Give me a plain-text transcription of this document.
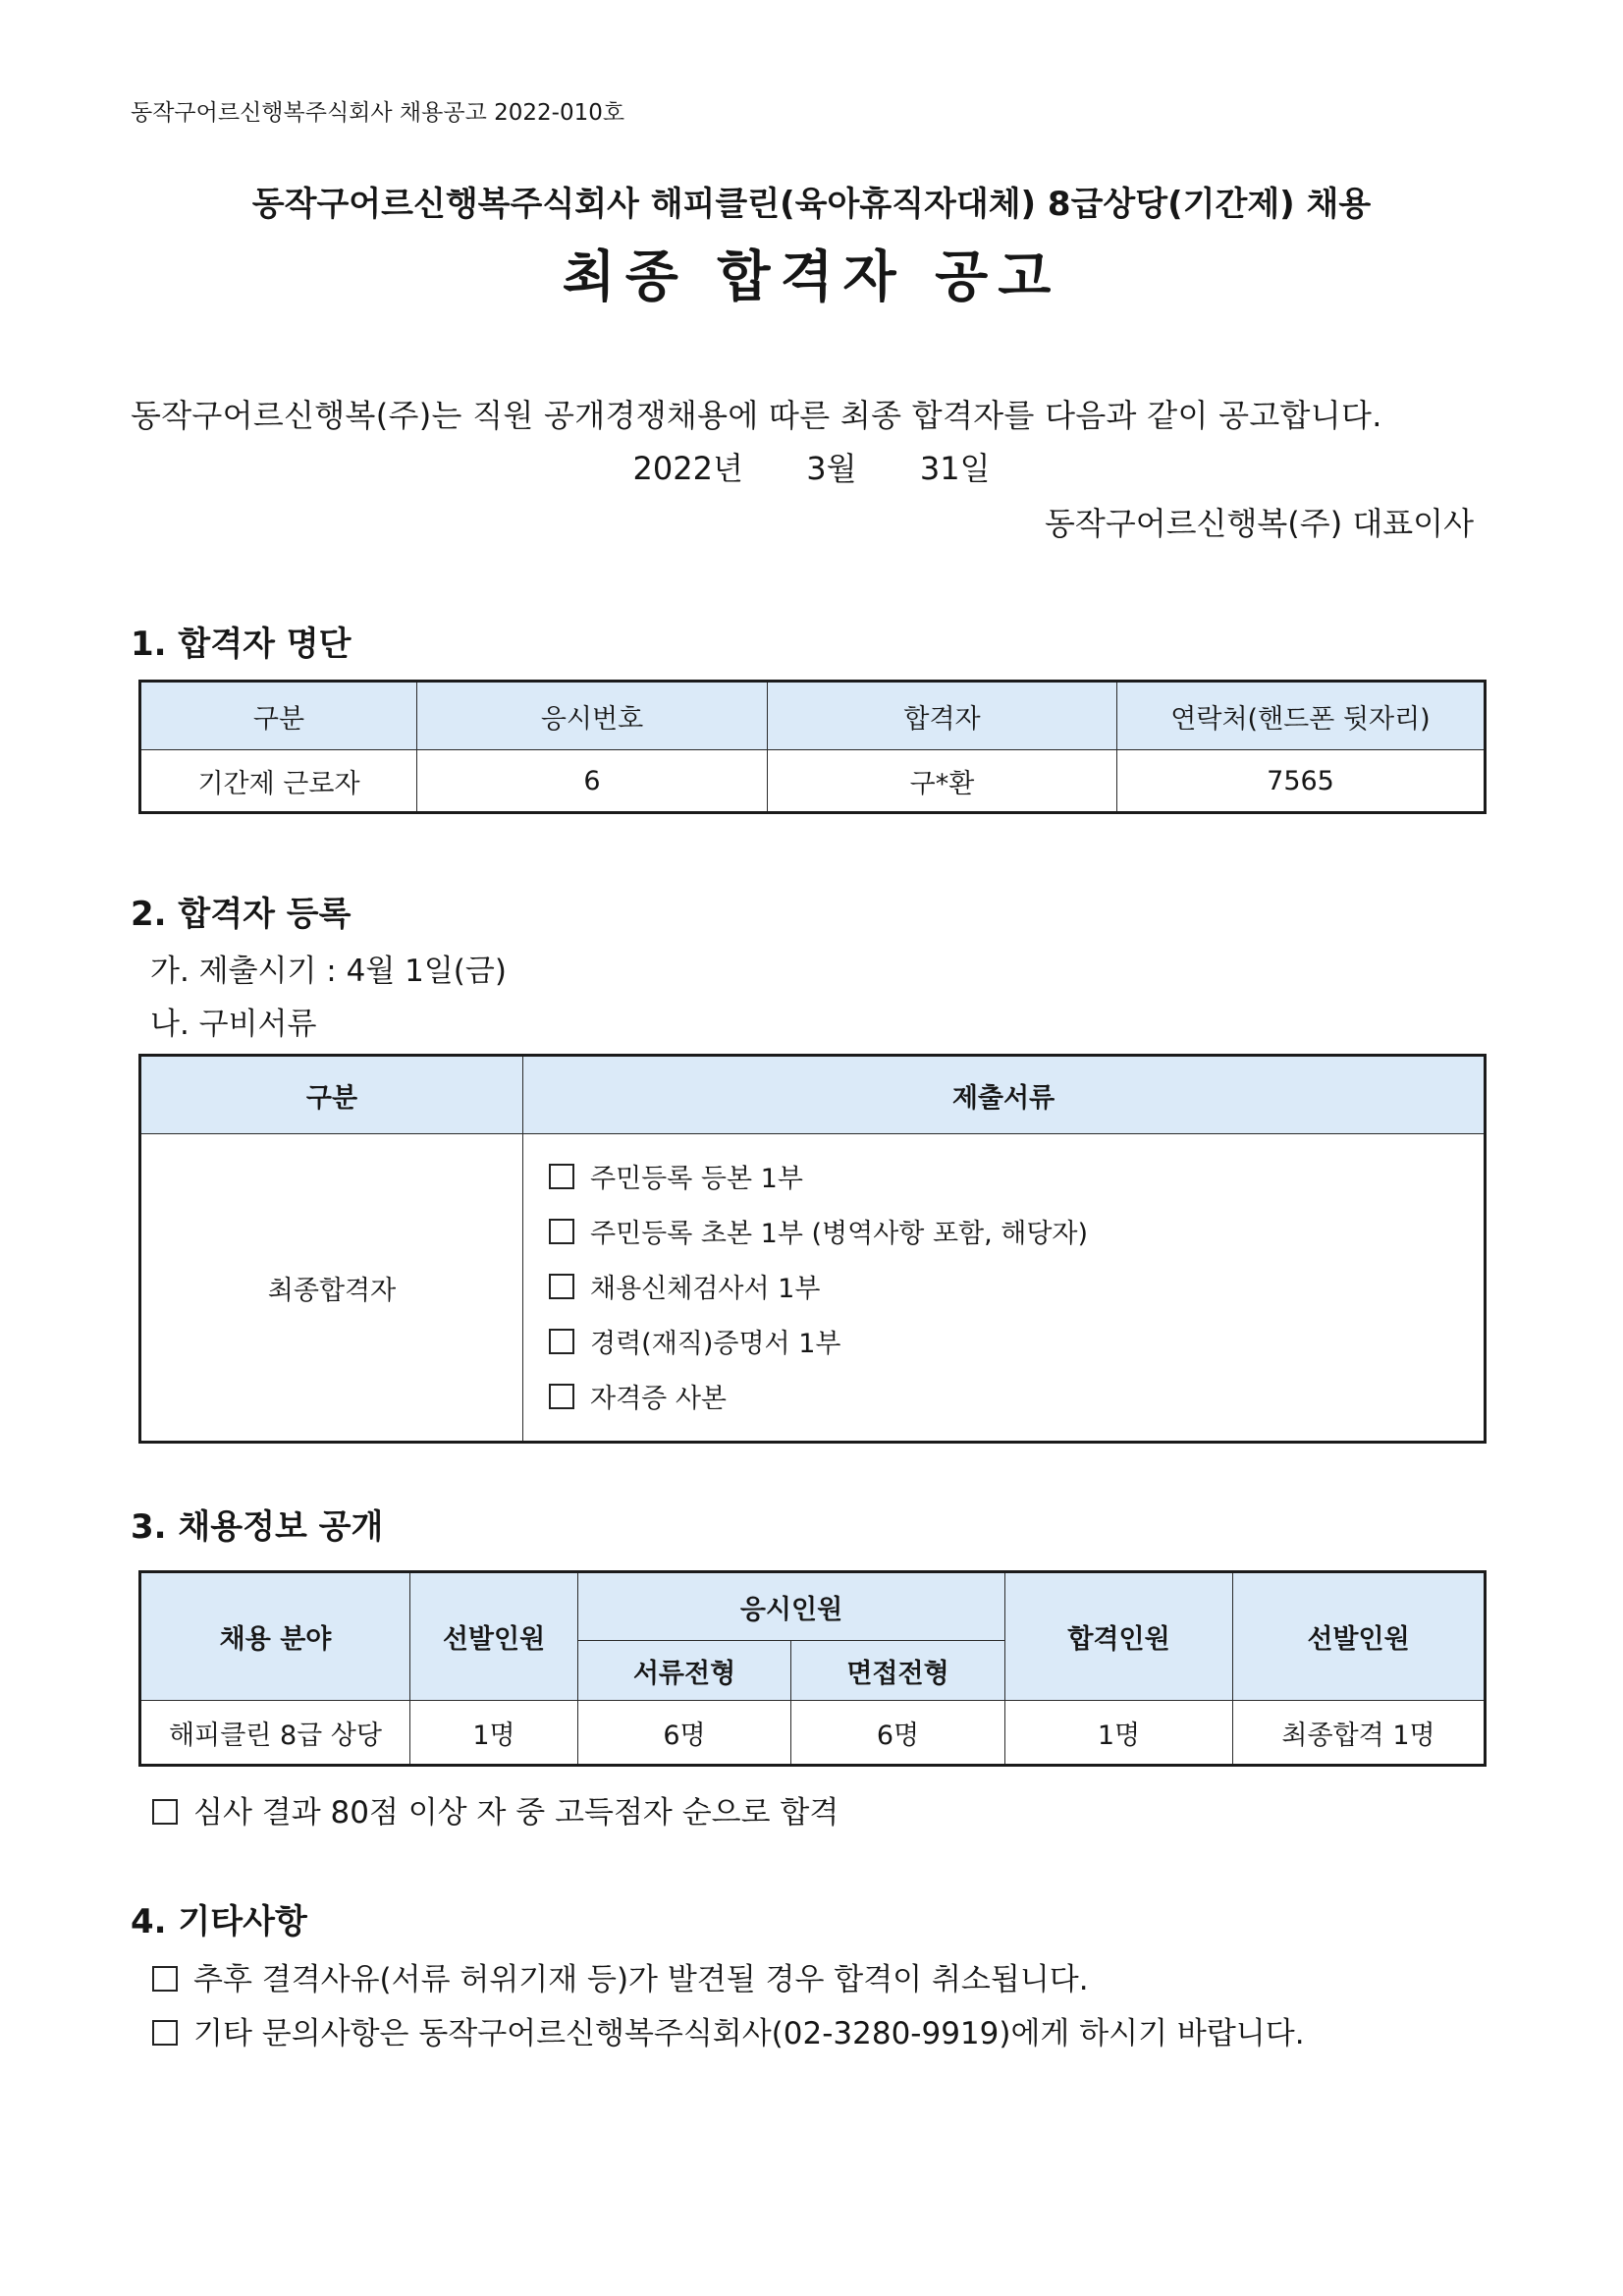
동작구어르신행복주식회사 채용공고 2022-010호
동작구어르신행복주식회사 해피클린(육아휴직자대체) 8급상당(기간제) 채용
최종 합격자 공고
동작구어르신행복(주)는 직원 공개경쟁채용에 따른 최종 합격자를 다음과 같이 공고합니다.
2022년 3월 31일
동작구어르신행복(주) 대표이사
1. 합격자 명단
구분	응시번호	합격자	연락처(핸드폰 뒷자리)
기간제 근로자	6	구*환	7565
2. 합격자 등록
가. 제출시기 : 4월 1일(금)
나. 구비서류
구분	제출서류
최종합격자	주민등록 등본 1부
주민등록 초본 1부 (병역사항 포함, 해당자)
채용신체검사서 1부
경력(재직)증명서 1부
자격증 사본
3. 채용정보 공개
채용 분야	선발인원	응시인원		합격인원	선발인원
		서류전형	면접전형		
해피클린 8급 상당	1명	6명	6명	1명	최종합격 1명
심사 결과 80점 이상 자 중 고득점자 순으로 합격
4. 기타사항
추후 결격사유(서류 허위기재 등)가 발견될 경우 합격이 취소됩니다.
기타 문의사항은 동작구어르신행복주식회사(02-3280-9919)에게 하시기 바랍니다.
